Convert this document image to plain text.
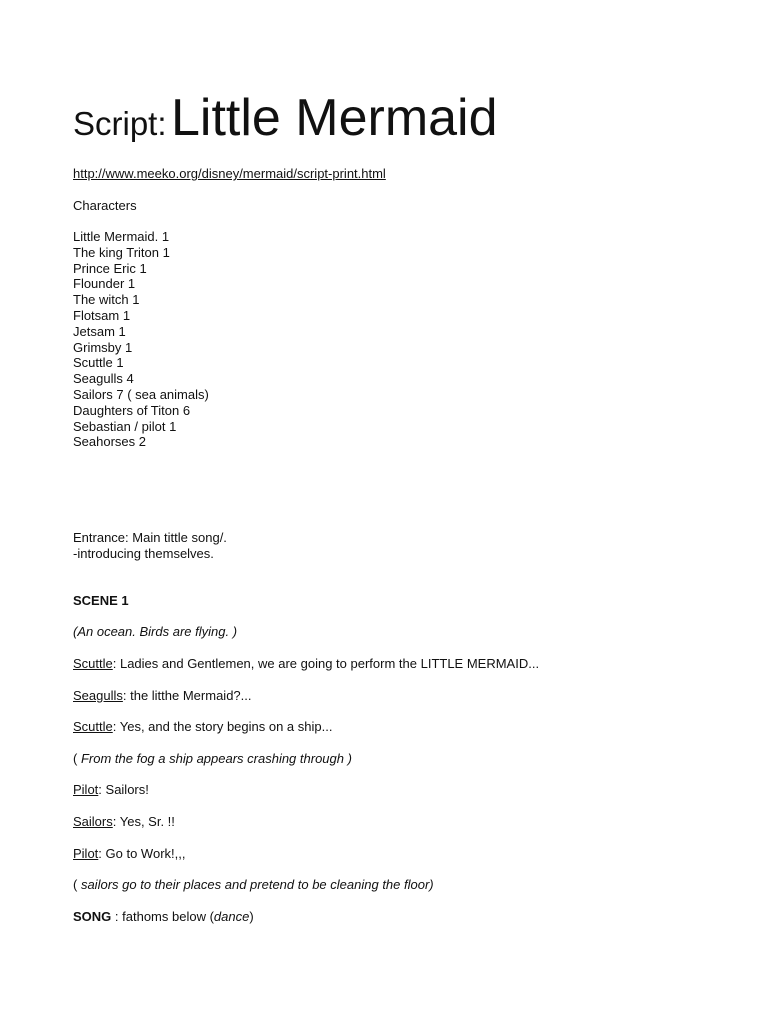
Script: Little Mermaid
http://www.meeko.org/disney/mermaid/script-print.html
Characters
Little Mermaid. 1
The king Triton 1
Prince Eric 1
Flounder 1
The witch 1
Flotsam 1
Jetsam 1
Grimsby 1
Scuttle 1
Seagulls 4
Sailors 7 ( sea animals)
Daughters of Titon 6
Sebastian / pilot 1
Seahorses 2
Entrance: Main tittle song/.
-introducing themselves.
SCENE 1
(An ocean. Birds are flying. )
Scuttle: Ladies and Gentlemen, we are going to perform the LITTLE MERMAID...
Seagulls: the litthe Mermaid?...
Scuttle: Yes, and the story begins on a ship...
( From the fog a ship appears crashing through )
Pilot: Sailors!
Sailors: Yes, Sr. !!
Pilot: Go to Work!,,,
( sailors go to their places and pretend to be cleaning the floor)
SONG : fathoms below (dance)
